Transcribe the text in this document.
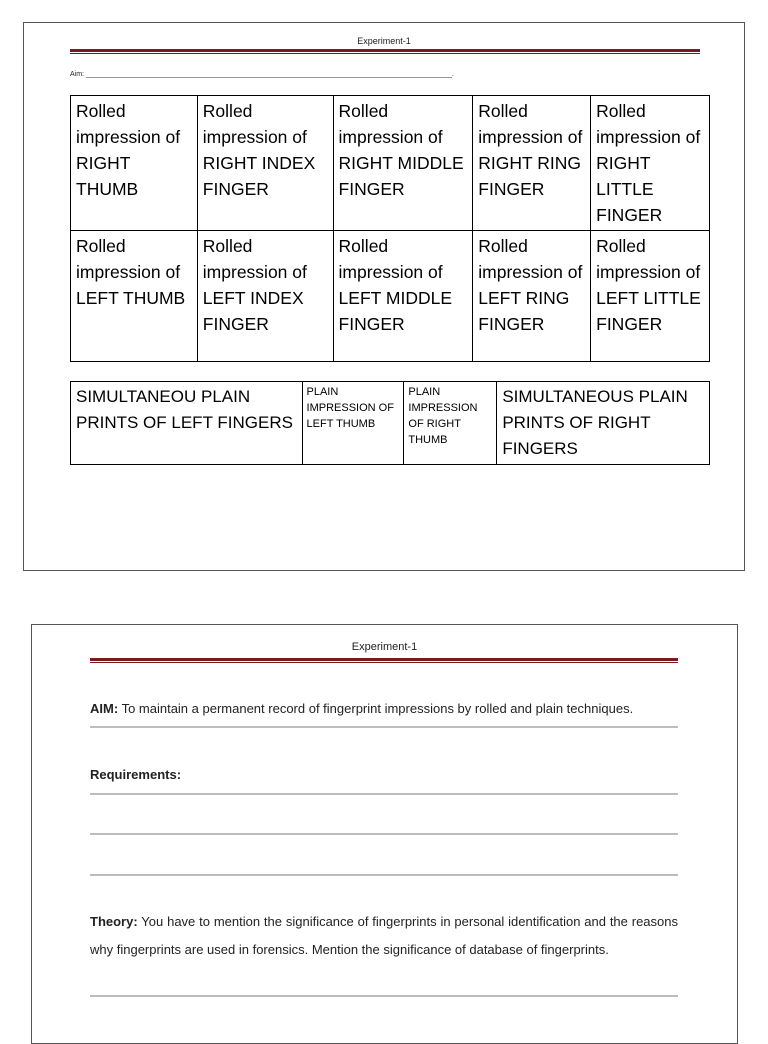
Experiment-1
Aim: ______________________________________________________________________________________________.
Rolled impression of RIGHT THUMB	Rolled impression of RIGHT INDEX FINGER	Rolled impression of RIGHT MIDDLE FINGER	Rolled impression of RIGHT RING FINGER	Rolled impression of RIGHT LITTLE FINGER
Rolled impression of LEFT THUMB	Rolled impression of LEFT INDEX FINGER	Rolled impression of LEFT MIDDLE FINGER	Rolled impression of LEFT RING FINGER	Rolled impression of LEFT LITTLE FINGER
SIMULTANEOU PLAIN PRINTS OF LEFT FINGERS	PLAIN IMPRESSION OF LEFT THUMB	PLAIN IMPRESSION OF RIGHT THUMB	SIMULTANEOUS PLAIN PRINTS OF RIGHT FINGERS
Experiment-1
AIM: To maintain a permanent record of fingerprint impressions by rolled and plain techniques.
Requirements:
Theory: You have to mention the significance of fingerprints in personal identification and the reasons why fingerprints are used in forensics. Mention the significance of database of fingerprints.
